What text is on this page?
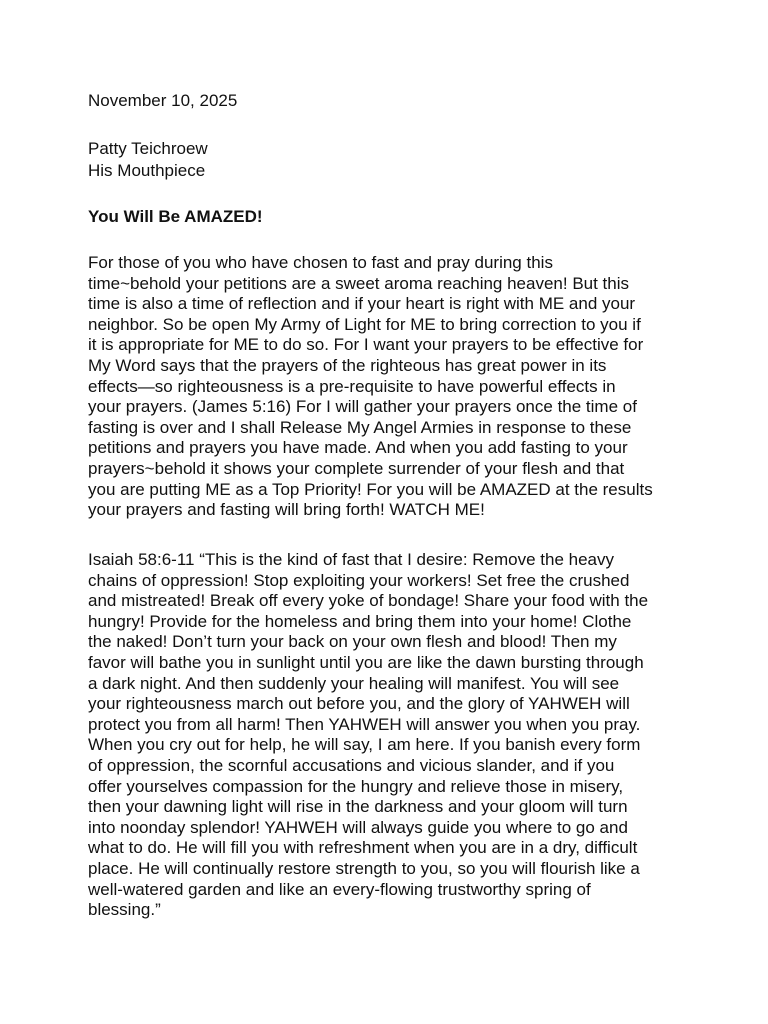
November 10, 2025
Patty Teichroew
His Mouthpiece
You Will Be AMAZED!
For those of you who have chosen to fast and pray during this
time~behold your petitions are a sweet aroma reaching heaven! But this
time is also a time of reflection and if your heart is right with ME and your
neighbor. So be open My Army of Light for ME to bring correction to you if
it is appropriate for ME to do so. For I want your prayers to be effective for
My Word says that the prayers of the righteous has great power in its
effects—so righteousness is a pre-requisite to have powerful effects in
your prayers. (James 5:16) For I will gather your prayers once the time of
fasting is over and I shall Release My Angel Armies in response to these
petitions and prayers you have made. And when you add fasting to your
prayers~behold it shows your complete surrender of your flesh and that
you are putting ME as a Top Priority! For you will be AMAZED at the results
your prayers and fasting will bring forth! WATCH ME!
Isaiah 58:6-11 “This is the kind of fast that I desire: Remove the heavy
chains of oppression! Stop exploiting your workers! Set free the crushed
and mistreated! Break off every yoke of bondage! Share your food with the
hungry! Provide for the homeless and bring them into your home! Clothe
the naked! Don’t turn your back on your own flesh and blood! Then my
favor will bathe you in sunlight until you are like the dawn bursting through
a dark night. And then suddenly your healing will manifest. You will see
your righteousness march out before you, and the glory of YAHWEH will
protect you from all harm! Then YAHWEH will answer you when you pray.
When you cry out for help, he will say, I am here. If you banish every form
of oppression, the scornful accusations and vicious slander, and if you
offer yourselves compassion for the hungry and relieve those in misery,
then your dawning light will rise in the darkness and your gloom will turn
into noonday splendor! YAHWEH will always guide you where to go and
what to do. He will fill you with refreshment when you are in a dry, difficult
place. He will continually restore strength to you, so you will flourish like a
well-watered garden and like an every-flowing trustworthy spring of
blessing.”
